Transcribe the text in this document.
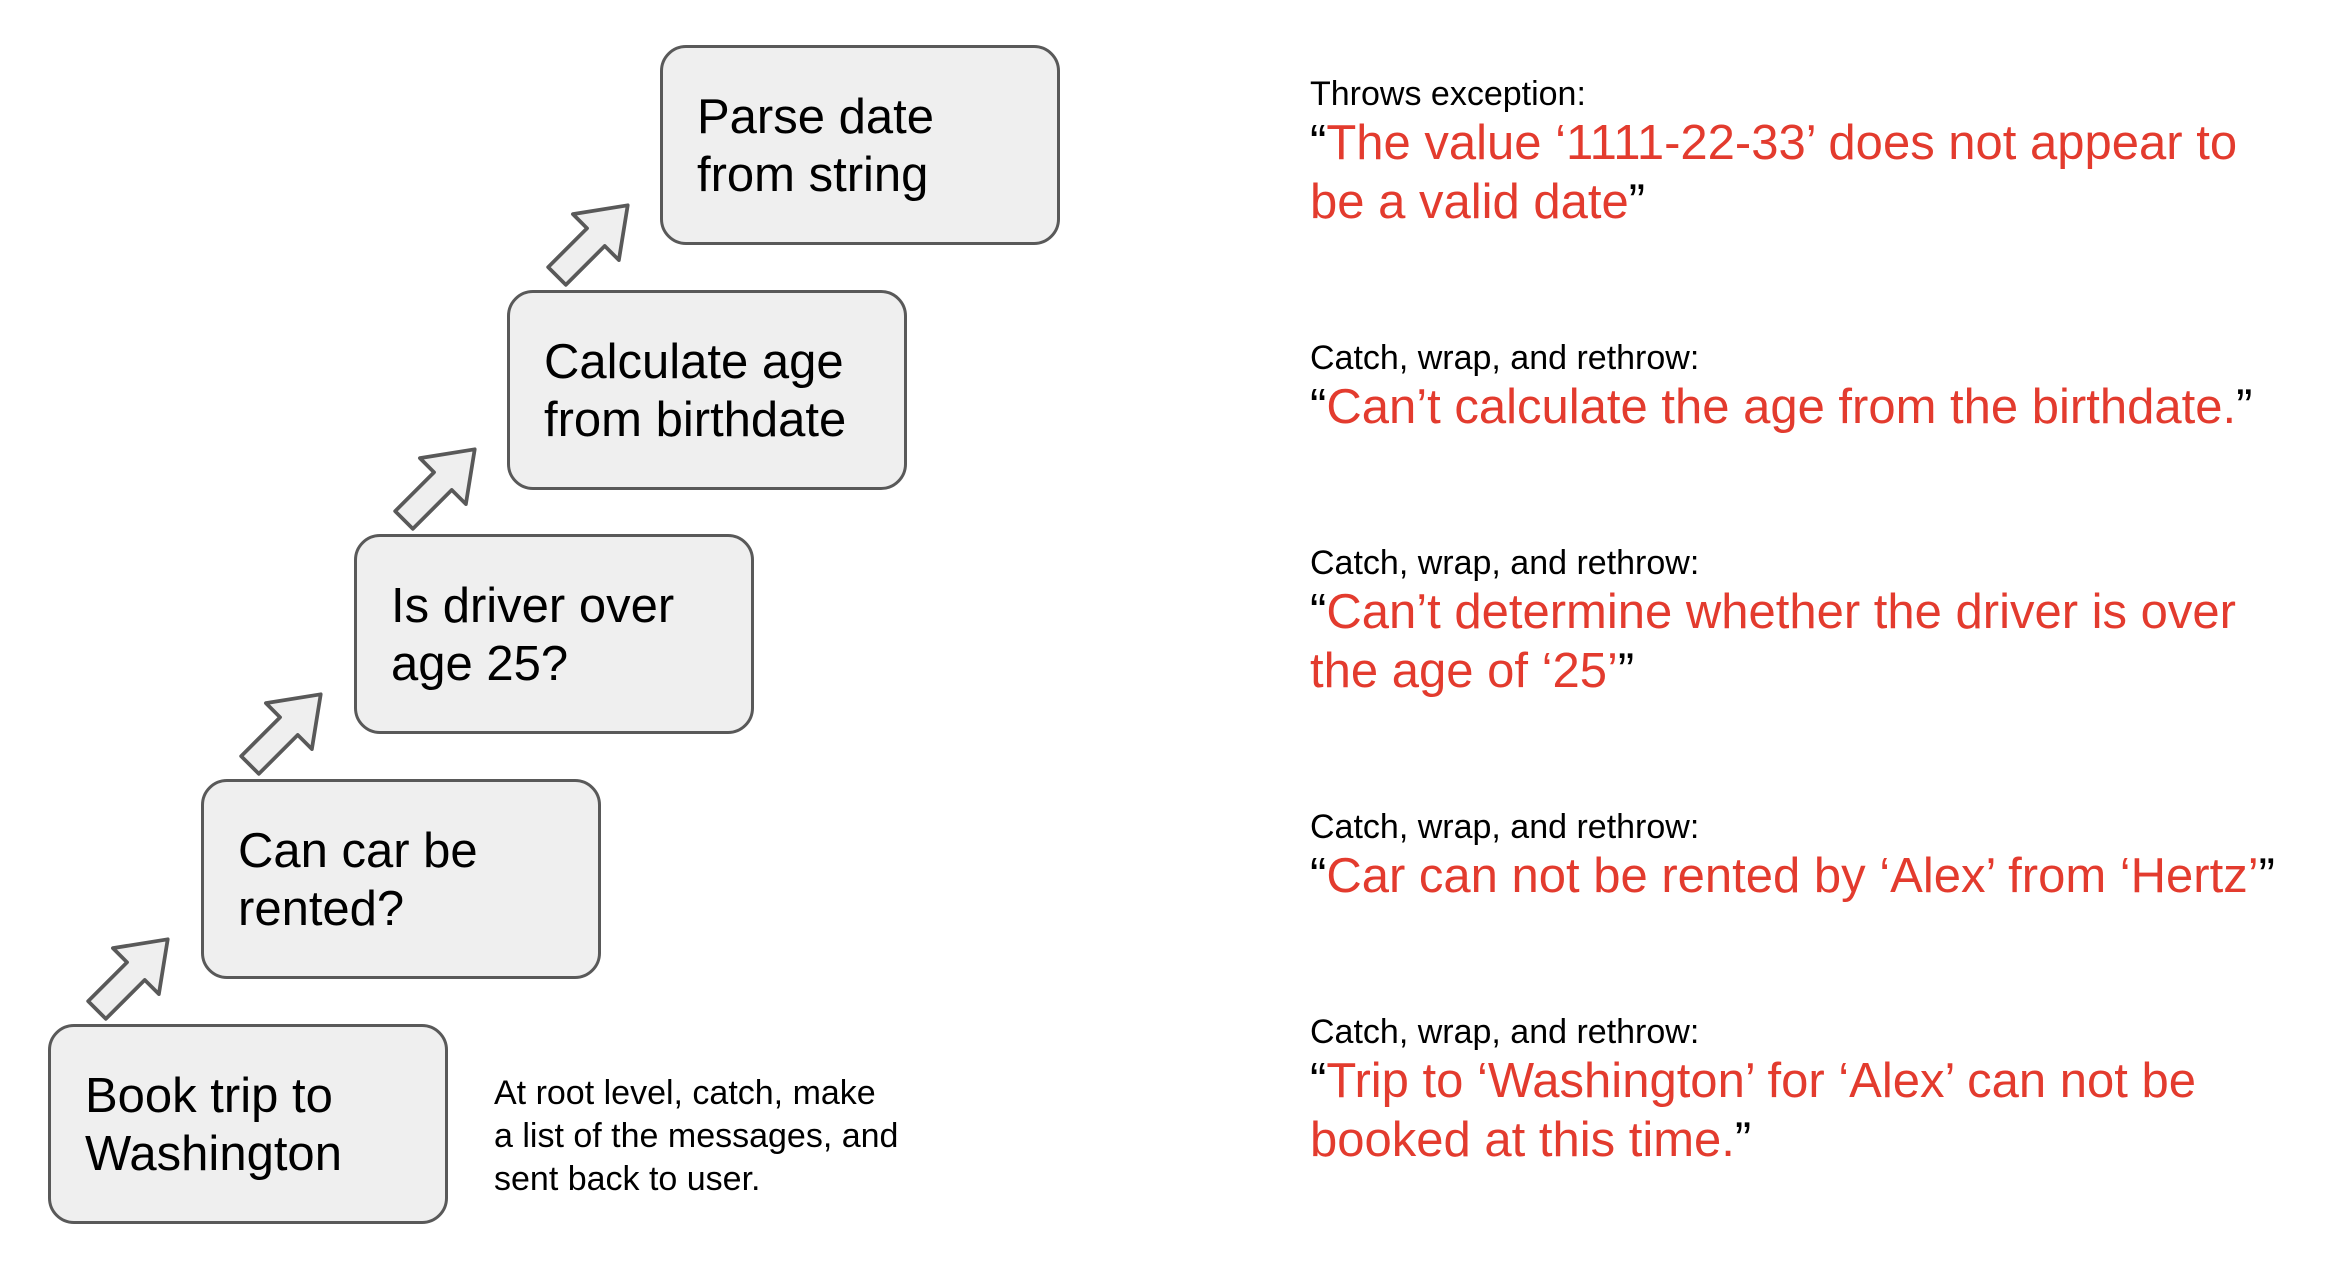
Book trip to
Washington
Can car be
rented?
Is driver over
age 25?
Calculate age
from birthdate
Parse date
from string
At root level, catch, make
a list of the messages, and
sent back to user.
Throws exception:
“The value ‘1111-22-33’ does not appear to
be a valid date”
Catch, wrap, and rethrow:
“Can’t calculate the age from the birthdate.”
Catch, wrap, and rethrow:
“Can’t determine whether the driver is over
the age of ‘25’”
Catch, wrap, and rethrow:
“Car can not be rented by ‘Alex’ from ‘Hertz’”
Catch, wrap, and rethrow:
“Trip to ‘Washington’ for ‘Alex’ can not be
booked at this time.”
